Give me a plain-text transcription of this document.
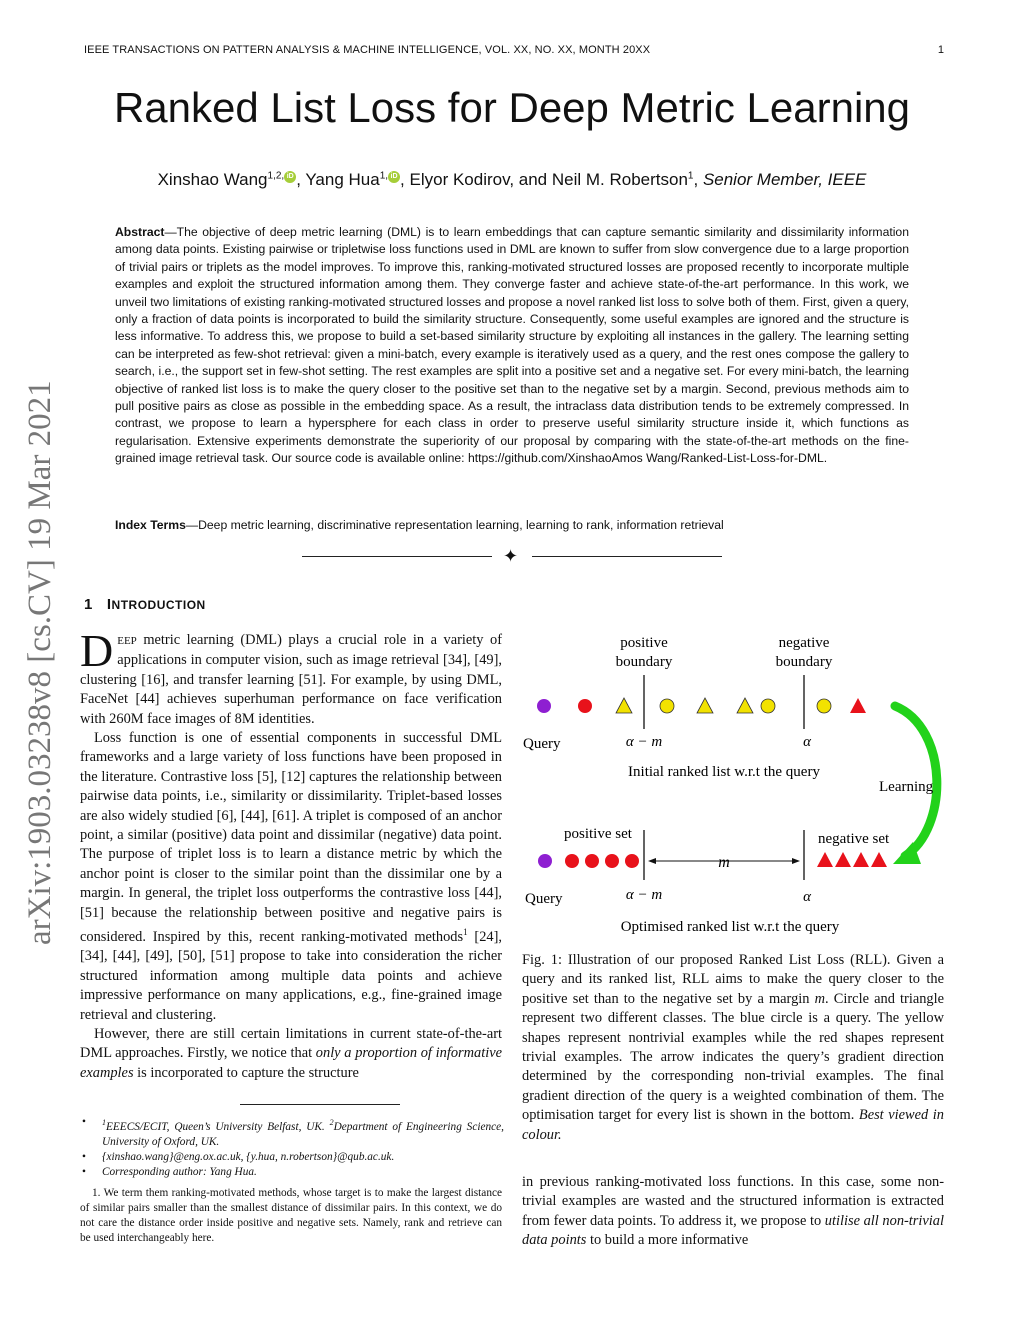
IEEE TRANSACTIONS ON PATTERN ANALYSIS & MACHINE INTELLIGENCE, VOL. XX, NO. XX, MONTH 20XX	1
arXiv:1903.03238v8 [cs.CV] 19 Mar 2021
Ranked List Loss for Deep Metric Learning
Xinshao Wang$^{1,2,}$ iD , Yang Hua$^{1,}$ iD , Elyor Kodirov, and Neil M. Robertson$^1$, Senior Member, IEEE
Abstract—The objective of deep metric learning (DML) is to learn embeddings that can capture semantic similarity and dissimilarity information among data points. Existing pairwise or tripletwise loss functions used in DML are known to suffer from slow convergence due to a large proportion of trivial pairs or triplets as the model improves. To improve this, ranking-motivated structured losses are proposed recently to incorporate multiple examples and exploit the structured information among them. They converge faster and achieve state-of-the-art performance. In this work, we unveil two limitations of existing ranking-motivated structured losses and propose a novel ranked list loss to solve both of them. First, given a query, only a fraction of data points is incorporated to build the similarity structure. Consequently, some useful examples are ignored and the structure is less informative. To address this, we propose to build a set-based similarity structure by exploiting all instances in the gallery. The learning setting can be interpreted as few-shot retrieval: given a mini-batch, every example is iteratively used as a query, and the rest ones compose the gallery to search, i.e., the support set in few-shot setting. The rest examples are split into a positive set and a negative set. For every mini-batch, the learning objective of ranked list loss is to make the query closer to the positive set than to the negative set by a margin. Second, previous methods aim to pull positive pairs as close as possible in the embedding space. As a result, the intraclass data distribution tends to be extremely compressed. In contrast, we propose to learn a hypersphere for each class in order to preserve useful similarity structure inside it, which functions as regularisation. Extensive experiments demonstrate the superiority of our proposal by comparing with the state-of-the-art methods on the fine-grained image retrieval task. Our source code is available online: https://github.com/XinshaoAmos Wang/Ranked-List-Loss-for-DML.
Index Terms—Deep metric learning, discriminative representation learning, learning to rank, information retrieval
✦
1 INTRODUCTION

DEEP metric learning (DML) plays a crucial role in a variety of applications in computer vision, such as image retrieval [34], [49], clustering [16], and transfer learning [51]. For example, by using DML, FaceNet [44] achieves superhuman performance on face verification with 260M face images of 8M identities.

Loss function is one of essential components in successful DML frameworks and a large variety of loss functions have been proposed in the literature. Contrastive loss [5], [12] captures the relationship between pairwise data points, i.e., similarity or dissimilarity. Triplet-based losses are also widely studied [6], [44], [61]. A triplet is composed of an anchor point, a similar (positive) data point and dissimilar (negative) data point. The purpose of triplet loss is to learn a distance metric by which the anchor point is closer to the similar point than the dissimilar one by a margin. In general, the triplet loss outperforms the contrastive loss [44], [51] because the relationship between positive and negative pairs is considered. Inspired by this, recent ranking-motivated methods$^1$ [24], [34], [44], [49], [50], [51] propose to take into consideration the richer structured information among multiple data points and achieve impressive performance on many applications, e.g., fine-grained image retrieval and clustering.

However, there are still certain limitations in current state-of-the-art DML approaches. Firstly, we notice that only a proportion of informative examples is incorporated to capture the structure

• $^1$EEECS/ECIT, Queen’s University Belfast, UK. $^2$Department of Engineering Science, University of Oxford, UK.
• {xinshao.wang}@eng.ox.ac.uk, {y.hua, n.robertson}@qub.ac.uk.
• Corresponding author: Yang Hua.
1. We term them ranking-motivated methods, whose target is to make the largest distance of similar pairs smaller than the smallest distance of dissimilar pairs. In this context, we do not care the distance order inside positive and negative sets. Namely, rank and retrieve can be used interchangeably here.
positive
boundary
negative
boundary
Query	α − m	α
Initial ranked list w.r.t the query
Learning
positive set	negative set
m
Query	α − m	α
Optimised ranked list w.r.t the query
Fig. 1: Illustration of our proposed Ranked List Loss (RLL). Given a query and its ranked list, RLL aims to make the query closer to the positive set than to the negative set by a margin m. Circle and triangle represent two different classes. The blue circle is a query. The yellow shapes represent nontrivial examples while the red shapes represent trivial examples. The arrow indicates the query’s gradient direction determined by the corresponding non-trivial examples. The final gradient direction of the query is a weighted combination of them. The optimisation target for every list is shown in the bottom. Best viewed in colour.
in previous ranking-motivated loss functions. In this case, some non-trivial examples are wasted and the structured information is extracted from fewer data points. To address it, we propose to utilise all non-trivial data points to build a more informative
